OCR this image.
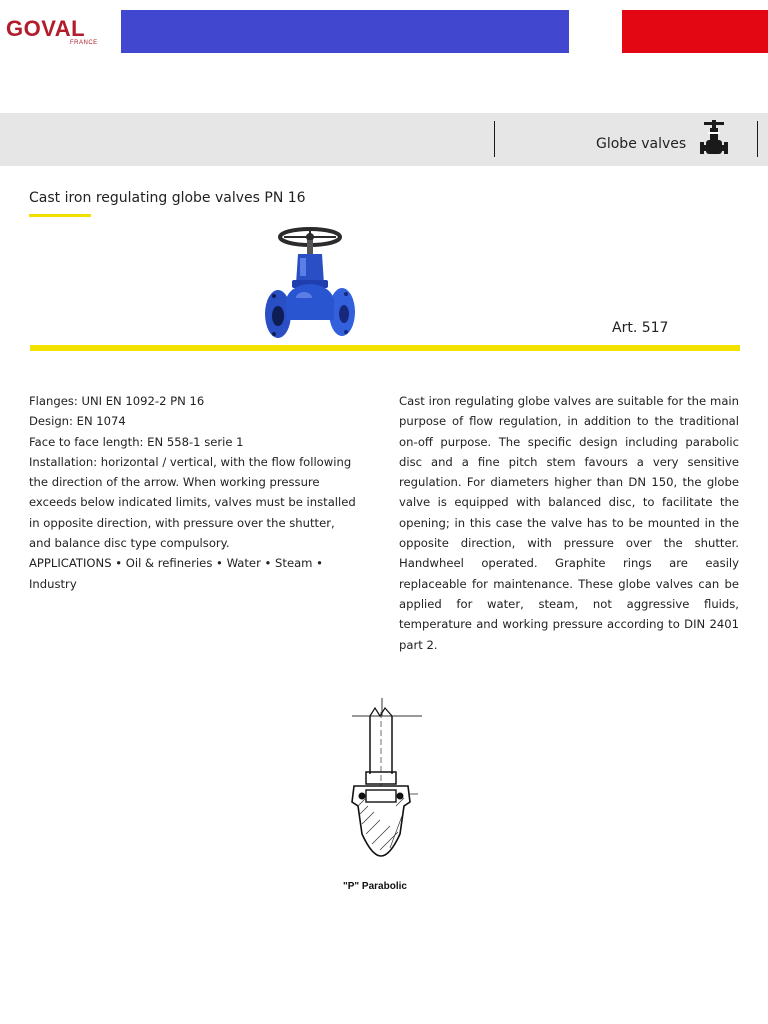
GOVAL
FRANCE
Globe valves
Cast iron regulating globe valves PN 16
Art. 517

Flanges: UNI EN 1092-2 PN 16

Design: EN 1074

Face to face length: EN 558-1 serie 1

Installation: horizontal / vertical, with the flow following the direction of the arrow. When working pressure exceeds below indicated limits, valves must be installed in opposite direction, with pressure over the shutter, and balance disc type compulsory.

APPLICATIONS • Oil & refineries • Water • Steam • Industry

Cast iron regulating globe valves are suitable for the main purpose of flow regulation, in addition to the traditional on-off purpose. The specific design including parabolic disc and a fine pitch stem favours a very sensitive regulation. For diameters higher than DN 150, the globe valve is equipped with balanced disc, to facilitate the opening; in this case the valve has to be mounted in the opposite direction, with pressure over the shutter. Handwheel operated. Graphite rings are easily replaceable for maintenance. These globe valves can be applied for water, steam, not aggressive fluids, temperature and working pressure according to DIN 2401 part 2.

"P" Parabolic
